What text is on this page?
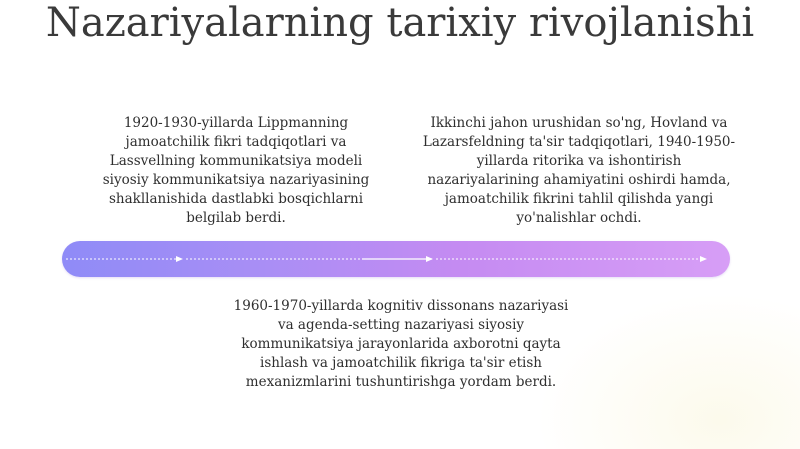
Nazariyalarning tarixiy rivojlanishi
1920-1930-yillarda Lippmanning jamoatchilik fikri tadqiqotlari va Lassvellning kommunikatsiya modeli siyosiy kommunikatsiya nazariyasining shakllanishida dastlabki bosqichlarni belgilab berdi.
Ikkinchi jahon urushidan so'ng, Hovland va Lazarsfeldning ta'sir tadqiqotlari, 1940-1950-yillarda ritorika va ishontirish nazariyalarining ahamiyatini oshirdi hamda, jamoatchilik fikrini tahlil qilishda yangi yo'nalishlar ochdi.
1960-1970-yillarda kognitiv dissonans nazariyasi va agenda-setting nazariyasi siyosiy kommunikatsiya jarayonlarida axborotni qayta ishlash va jamoatchilik fikriga ta'sir etish mexanizmlarini tushuntirishga yordam berdi.
